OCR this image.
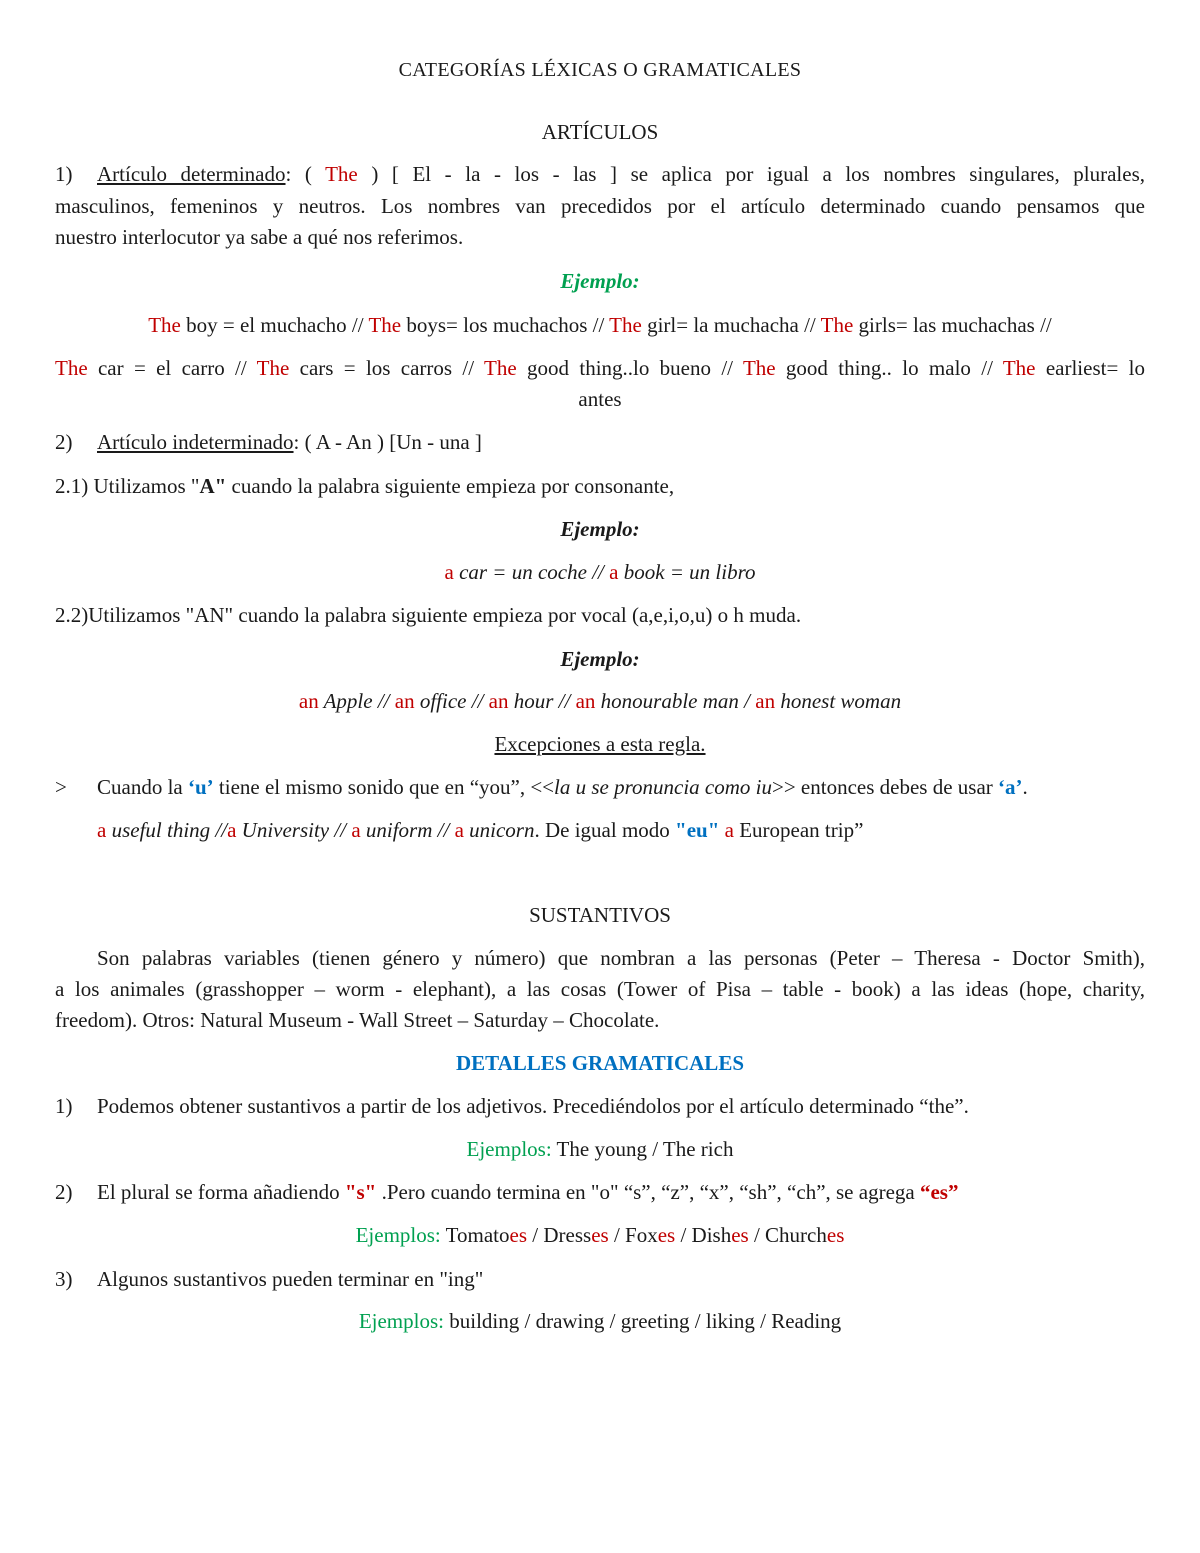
CATEGORÍAS LÉXICAS O GRAMATICALES
ARTÍCULOS
1) Artículo determinado: ( The ) [ El - la - los - las ] se aplica por igual a los nombres singulares, plurales,
masculinos, femeninos y neutros. Los nombres van precedidos por el artículo determinado cuando pensamos que
nuestro interlocutor ya sabe a qué nos referimos.
Ejemplo:
The boy = el muchacho // The boys= los muchachos // The girl= la muchacha // The girls= las muchachas //
The car = el carro // The cars = los carros // The good thing..lo bueno // The good thing.. lo malo // The earliest= lo
antes
2) Artículo indeterminado: ( A - An ) [Un - una ]
2.1) Utilizamos "A" cuando la palabra siguiente empieza por consonante,
Ejemplo:
a car = un coche // a book = un libro
2.2)Utilizamos "AN" cuando la palabra siguiente empieza por vocal (a,e,i,o,u) o h muda.
Ejemplo:
an Apple // an office // an hour // an honourable man / an honest woman
Excepciones a esta regla.
> Cuando la ‘u’ tiene el mismo sonido que en “you”, <<la u se pronuncia como iu>> entonces debes de usar ‘a’.
a useful thing //a University // a uniform // a unicorn. De igual modo "eu" a European trip”
SUSTANTIVOS
Son palabras variables (tienen género y número) que nombran a las personas (Peter – Theresa - Doctor Smith),
a los animales (grasshopper – worm - elephant), a las cosas (Tower of Pisa – table - book) a las ideas (hope, charity,
freedom). Otros: Natural Museum - Wall Street – Saturday – Chocolate.
DETALLES GRAMATICALES
1) Podemos obtener sustantivos a partir de los adjetivos. Precediéndolos por el artículo determinado “the”.
Ejemplos: The young / The rich
2) El plural se forma añadiendo "s" .Pero cuando termina en "o" “s”, “z”, “x”, “sh”, “ch”, se agrega “es”
Ejemplos: Tomatoes / Dresses / Foxes / Dishes / Churches
3) Algunos sustantivos pueden terminar en "ing"
Ejemplos: building / drawing / greeting / liking / Reading
